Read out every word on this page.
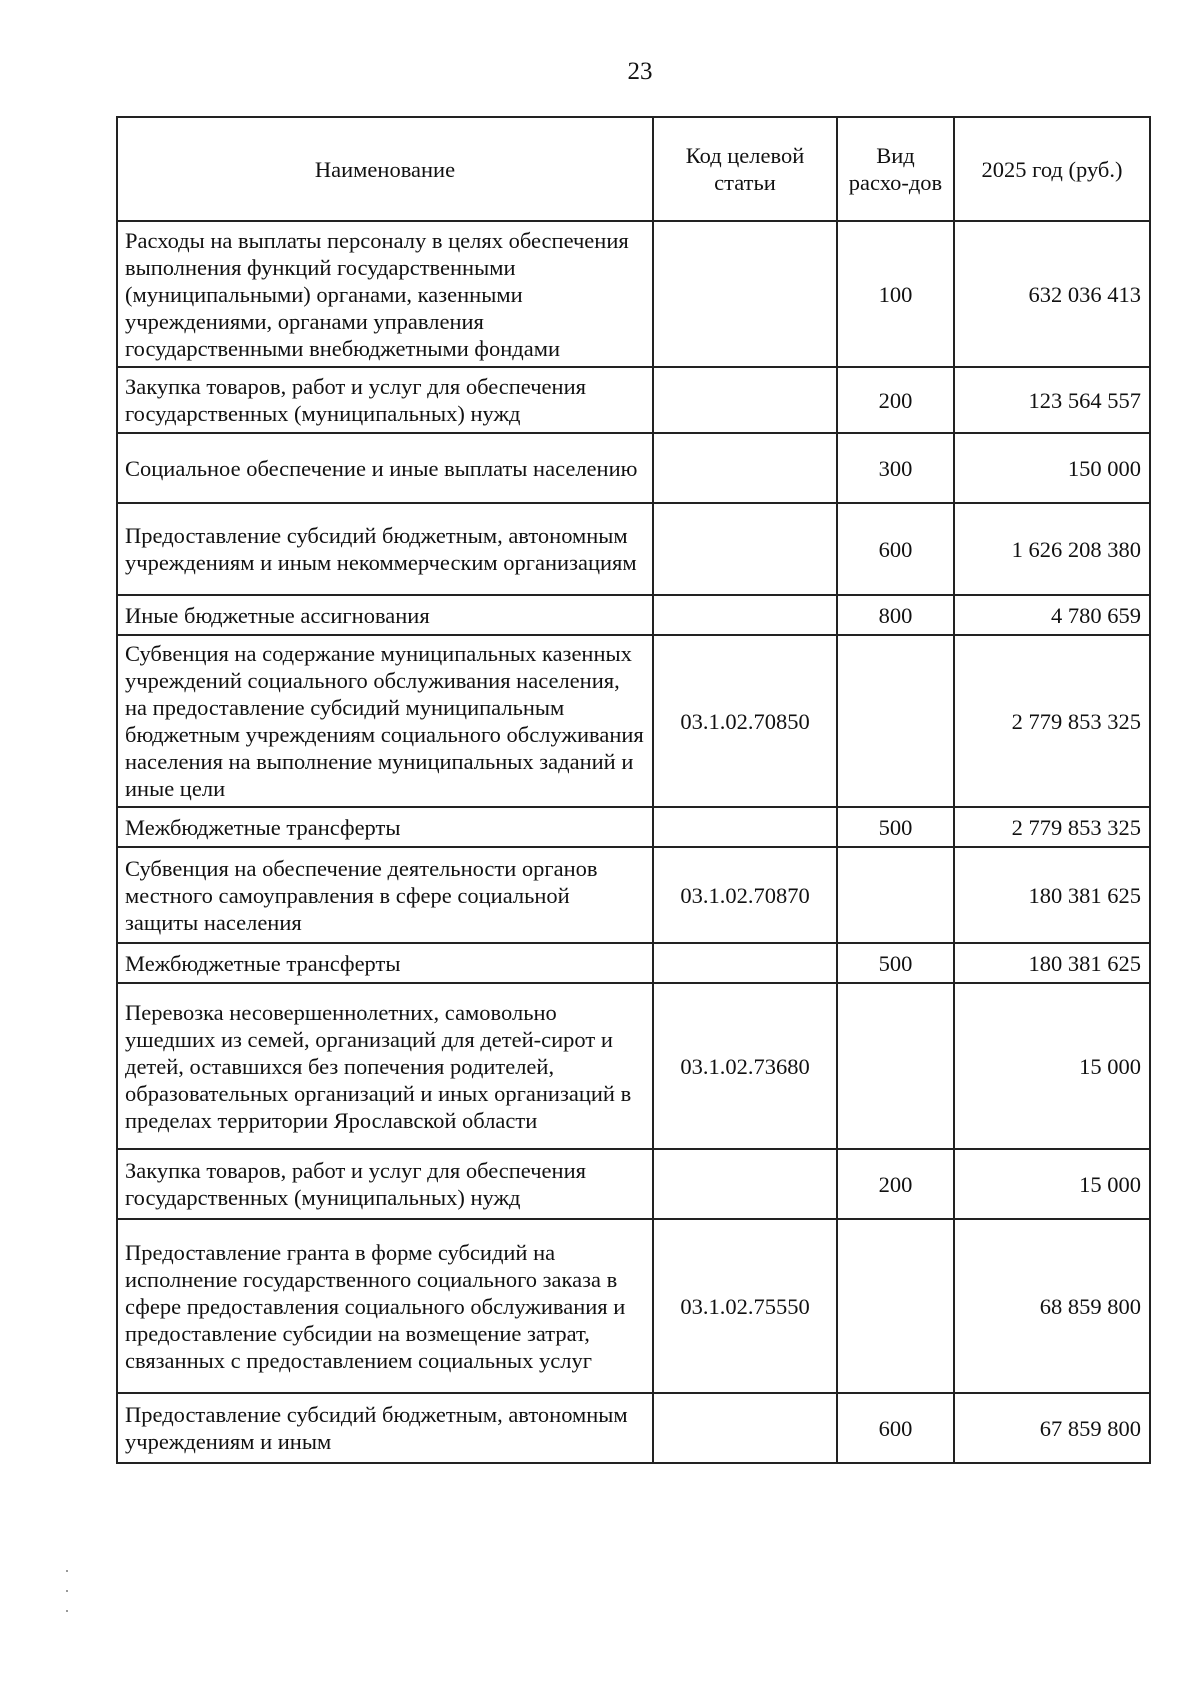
23
Наименование	Код целевой статьи	Вид расхо-дов	2025 год (руб.)
Расходы на выплаты персоналу в целях обеспечения выполнения функций государственными (муниципальными) органами, казенными учреждениями, органами управления государственными внебюджетными фондами		100	632 036 413
Закупка товаров, работ и услуг для обеспечения государственных (муниципальных) нужд		200	123 564 557
Социальное обеспечение и иные выплаты населению		300	150 000
Предоставление субсидий бюджетным, автономным учреждениям и иным некоммерческим организациям		600	1 626 208 380
Иные бюджетные ассигнования		800	4 780 659
Субвенция на содержание муниципальных казенных учреждений социального обслуживания населения, на предоставление субсидий муниципальным бюджетным учреждениям социального обслуживания населения на выполнение муниципальных заданий и иные цели	03.1.02.70850		2 779 853 325
Межбюджетные трансферты		500	2 779 853 325
Субвенция на обеспечение деятельности органов местного самоуправления в сфере социальной защиты населения	03.1.02.70870		180 381 625
Межбюджетные трансферты		500	180 381 625
Перевозка несовершеннолетних, самовольно ушедших из семей, организаций для детей-сирот и детей, оставшихся без попечения родителей, образовательных организаций и иных организаций в пределах территории Ярославской области	03.1.02.73680		15 000
Закупка товаров, работ и услуг для обеспечения государственных (муниципальных) нужд		200	15 000
Предоставление гранта в форме субсидий на исполнение государственного социального заказа в сфере предоставления социального обслуживания и предоставление субсидии на возмещение затрат, связанных с предоставлением социальных услуг	03.1.02.75550		68 859 800
Предоставление субсидий бюджетным, автономным учреждениям и иным		600	67 859 800
